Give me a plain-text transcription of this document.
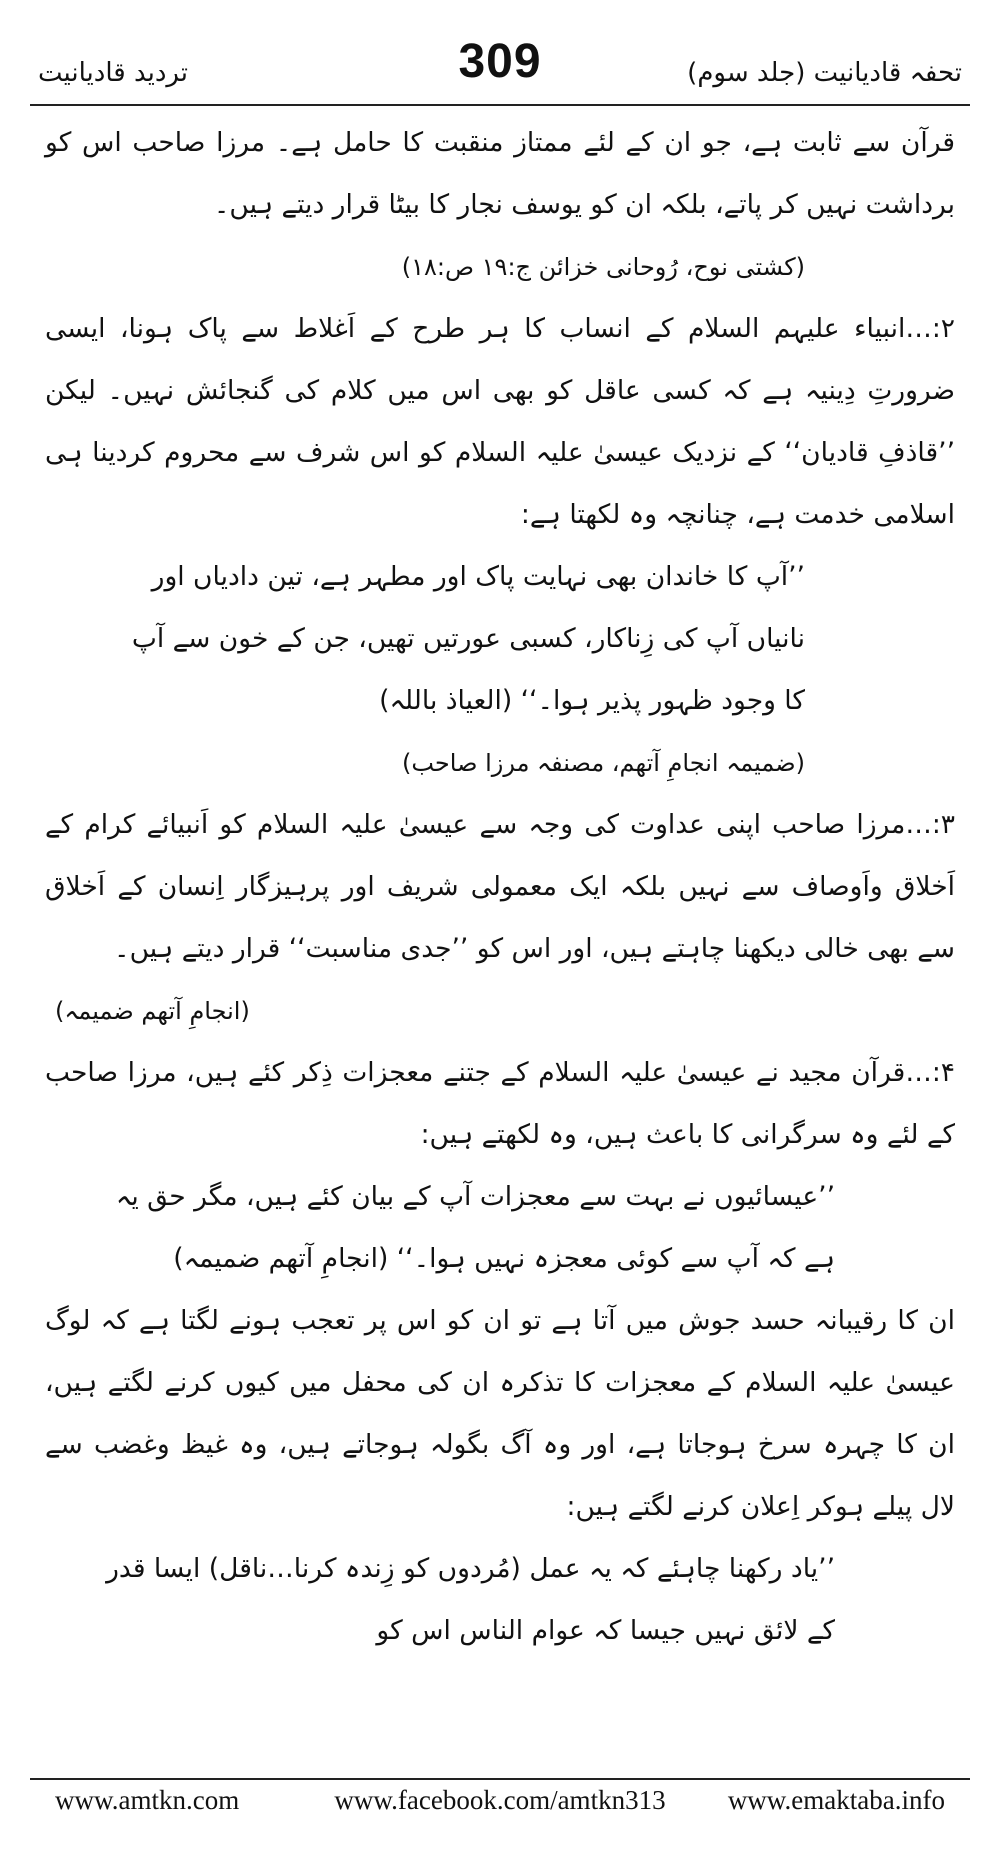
تردید قادیانیت	309	تحفہ قادیانیت (جلد سوم)

قرآن سے ثابت ہے، جو ان کے لئے ممتاز منقبت کا حامل ہے۔ مرزا صاحب اس کو برداشت نہیں کر پاتے، بلکہ ان کو یوسف نجار کا بیٹا قرار دیتے ہیں۔

(کشتی نوح، رُوحانی خزائن ج:۱۹ ص:۱۸)

۲:…انبیاء علیہم السلام کے انساب کا ہر طرح کے اَغلاط سے پاک ہونا، ایسی ضرورتِ دِینیہ ہے کہ کسی عاقل کو بھی اس میں کلام کی گنجائش نہیں۔ لیکن ’’قاذفِ قادیان‘‘ کے نزدیک عیسیٰ علیہ السلام کو اس شرف سے محروم کردینا ہی اسلامی خدمت ہے، چنانچہ وہ لکھتا ہے:

’’آپ کا خاندان بھی نہایت پاک اور مطہر ہے، تین دادیاں اور نانیاں آپ کی زِناکار، کسبی عورتیں تھیں، جن کے خون سے آپ کا وجود ظہور پذیر ہوا۔‘‘ (العیاذ باللہ)

(ضمیمہ انجامِ آتھم، مصنفہ مرزا صاحب)

۳:…مرزا صاحب اپنی عداوت کی وجہ سے عیسیٰ علیہ السلام کو اَنبیائے کرام کے اَخلاق واَوصاف سے نہیں بلکہ ایک معمولی شریف اور پرہیزگار اِنسان کے اَخلاق سے بھی خالی دیکھنا چاہتے ہیں، اور اس کو ’’جدی مناسبت‘‘ قرار دیتے ہیں۔

(انجامِ آتھم ضمیمہ)

۴:…قرآن مجید نے عیسیٰ علیہ السلام کے جتنے معجزات ذِکر کئے ہیں، مرزا صاحب کے لئے وہ سرگرانی کا باعث ہیں، وہ لکھتے ہیں:

’’عیسائیوں نے بہت سے معجزات آپ کے بیان کئے ہیں، مگر حق یہ ہے کہ آپ سے کوئی معجزہ نہیں ہوا۔‘‘ (انجامِ آتھم ضمیمہ)

ان کا رقیبانہ حسد جوش میں آتا ہے تو ان کو اس پر تعجب ہونے لگتا ہے کہ لوگ عیسیٰ علیہ السلام کے معجزات کا تذکرہ ان کی محفل میں کیوں کرنے لگتے ہیں، ان کا چہرہ سرخ ہوجاتا ہے، اور وہ آگ بگولہ ہوجاتے ہیں، وہ غیظ وغضب سے لال پیلے ہوکر اِعلان کرنے لگتے ہیں:

’’یاد رکھنا چاہئے کہ یہ عمل (مُردوں کو زِندہ کرنا…ناقل) ایسا قدر کے لائق نہیں جیسا کہ عوام الناس اس کو

www.amtkn.com	www.facebook.com/amtkn313	www.emaktaba.info
